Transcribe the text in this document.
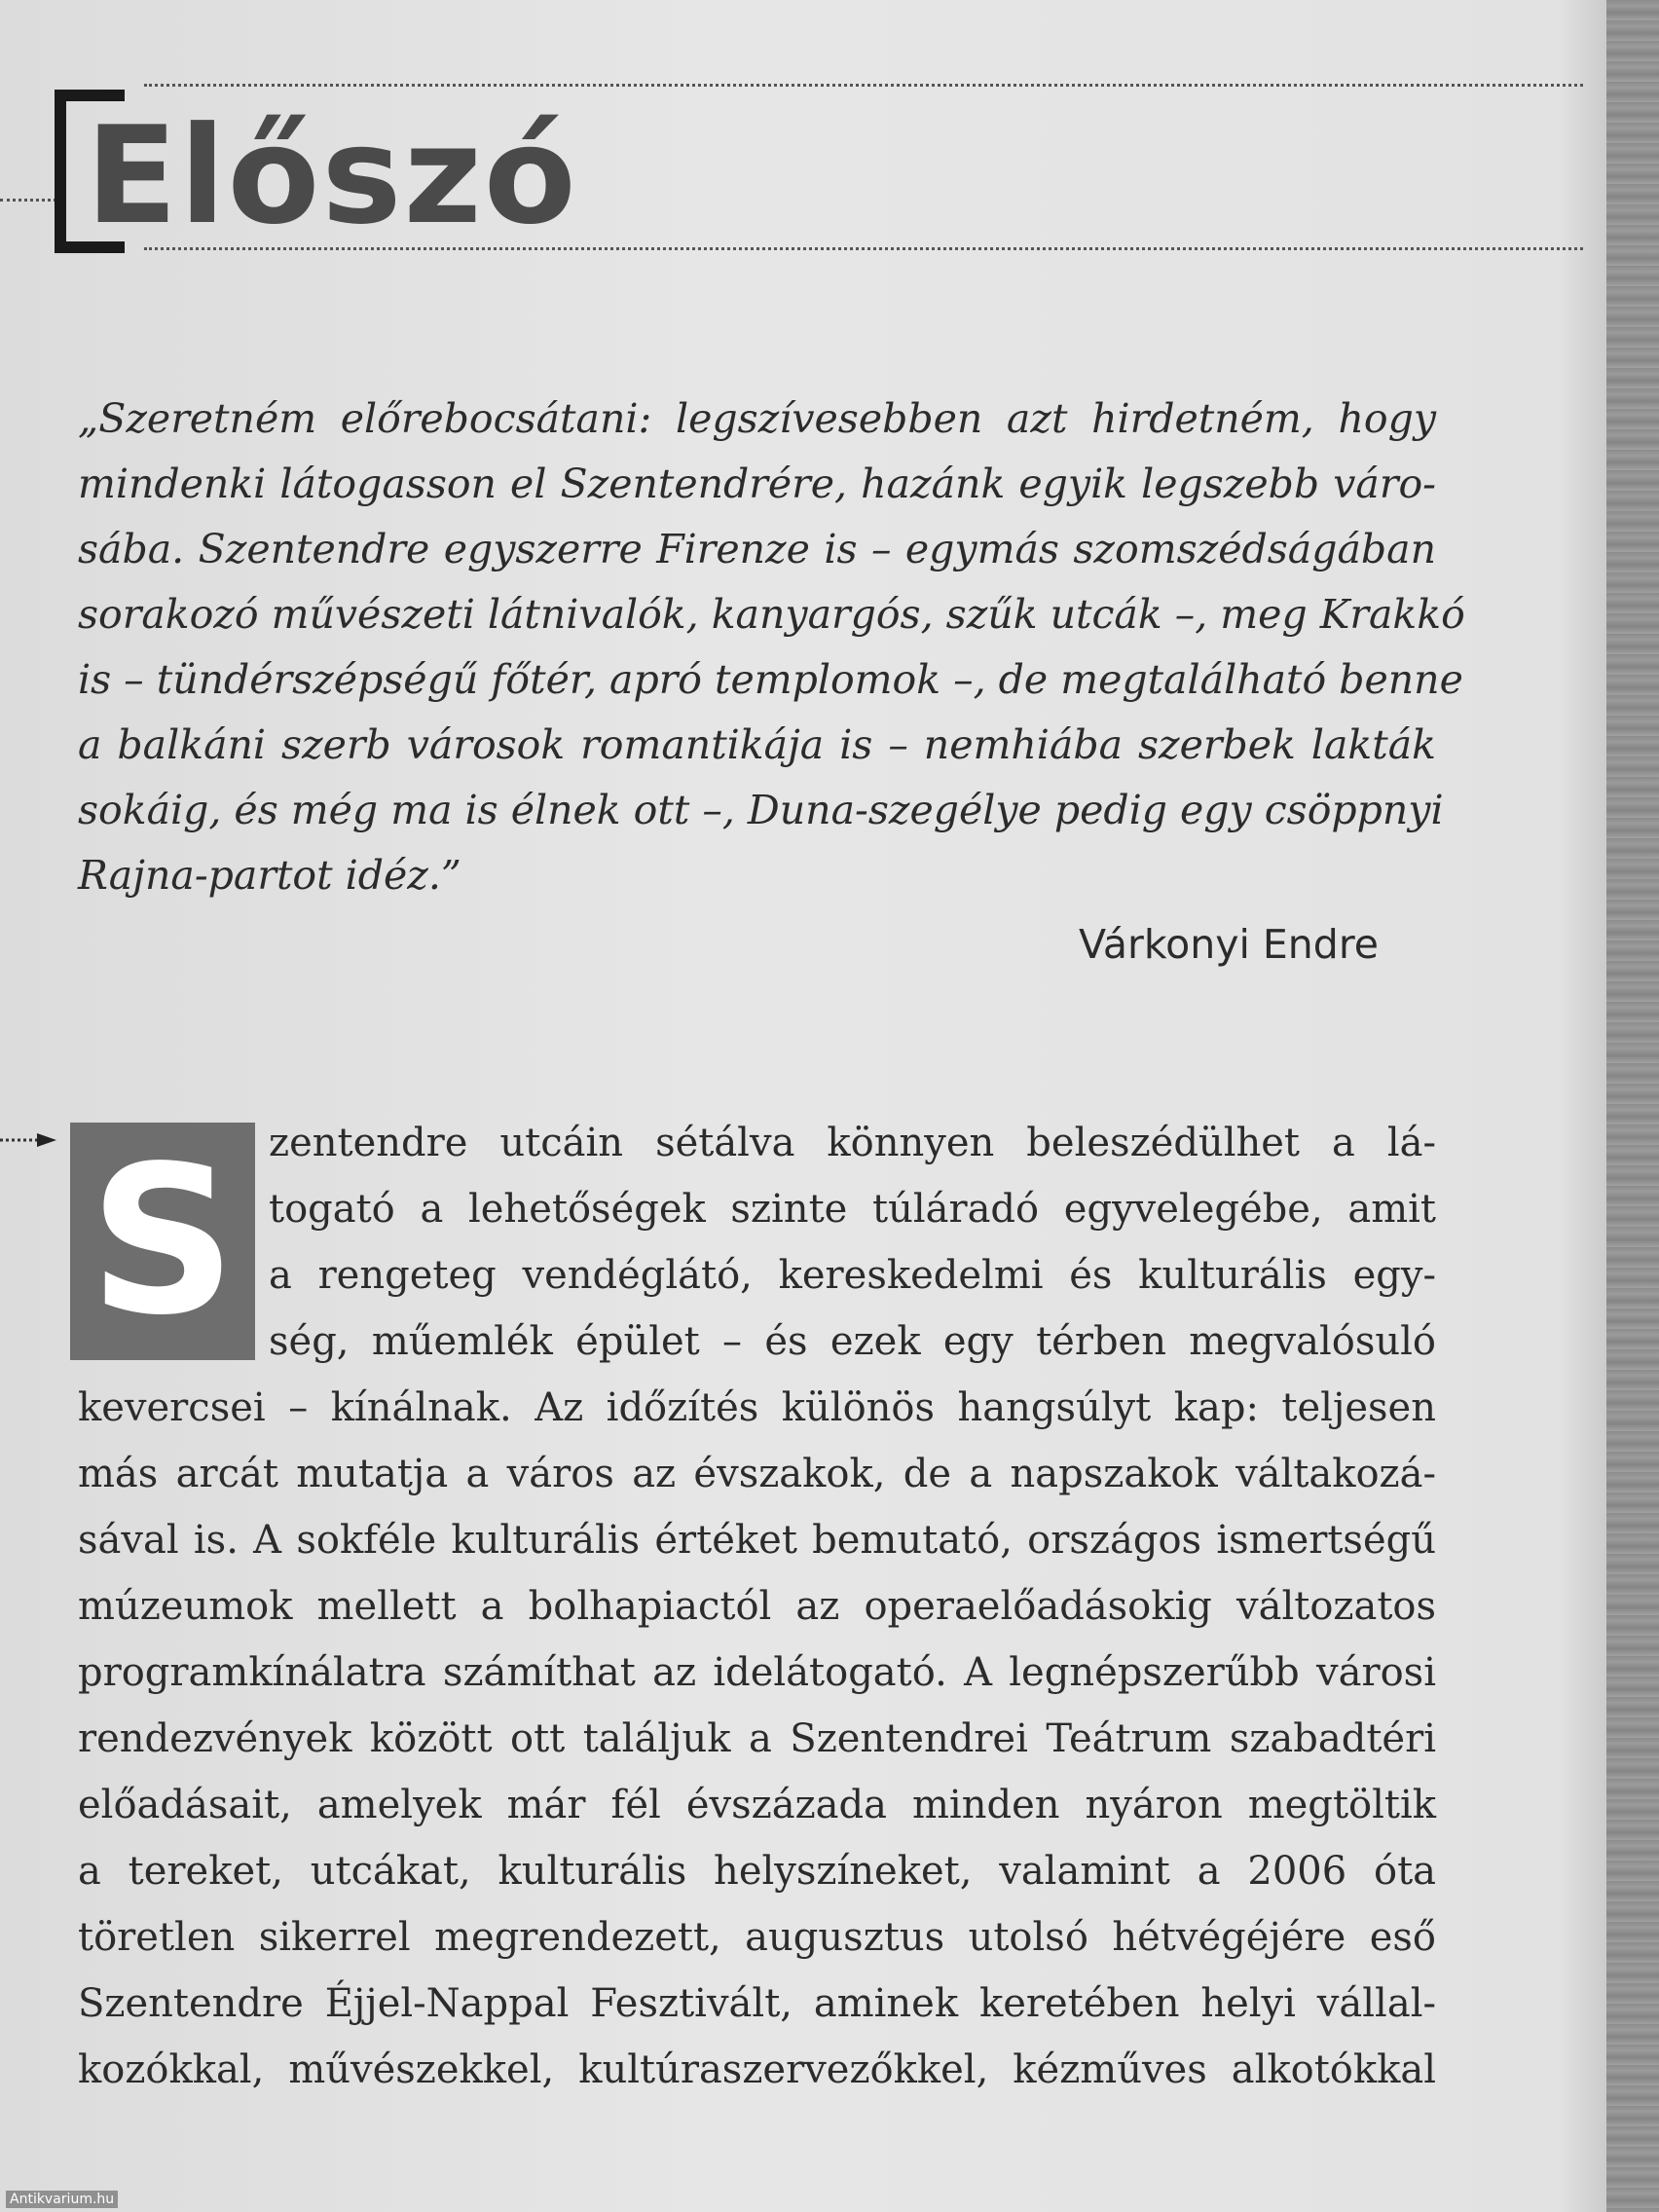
Előszó
„Szeretném előrebocsátani: legszívesebben azt hirdetném, hogy
mindenki látogasson el Szentendrére, hazánk egyik legszebb váro-
sába. Szentendre egyszerre Firenze is – egymás szomszédságában
sorakozó művészeti látnivalók, kanyargós, szűk utcák –, meg Krakkó
is – tündérszépségű főtér, apró templomok –, de megtalálható benne
a balkáni szerb városok romantikája is – nemhiába szerbek lakták
sokáig, és még ma is élnek ott –, Duna-szegélye pedig egy csöppnyi
Rajna-partot idéz.”
Várkonyi Endre
S zentendre utcáin sétálva könnyen beleszédülhet a lá-
togató a lehetőségek szinte túláradó egyvelegébe, amit
a rengeteg vendéglátó, kereskedelmi és kulturális egy-
ség, műemlék épület – és ezek egy térben megvalósuló
kevercsei – kínálnak. Az időzítés különös hangsúlyt kap: teljesen
más arcát mutatja a város az évszakok, de a napszakok váltakozá-
sával is. A sokféle kulturális értéket bemutató, országos ismertségű
múzeumok mellett a bolhapiactól az operaelőadásokig változatos
programkínálatra számíthat az idelátogató. A legnépszerűbb városi
rendezvények között ott találjuk a Szentendrei Teátrum szabadtéri
előadásait, amelyek már fél évszázada minden nyáron megtöltik
a tereket, utcákat, kulturális helyszíneket, valamint a 2006 óta
töretlen sikerrel megrendezett, augusztus utolsó hétvégéjére eső
Szentendre Éjjel-Nappal Fesztivált, aminek keretében helyi vállal-
kozókkal, művészekkel, kultúraszervezőkkel, kézműves alkotókkal
Antikvarium.hu
